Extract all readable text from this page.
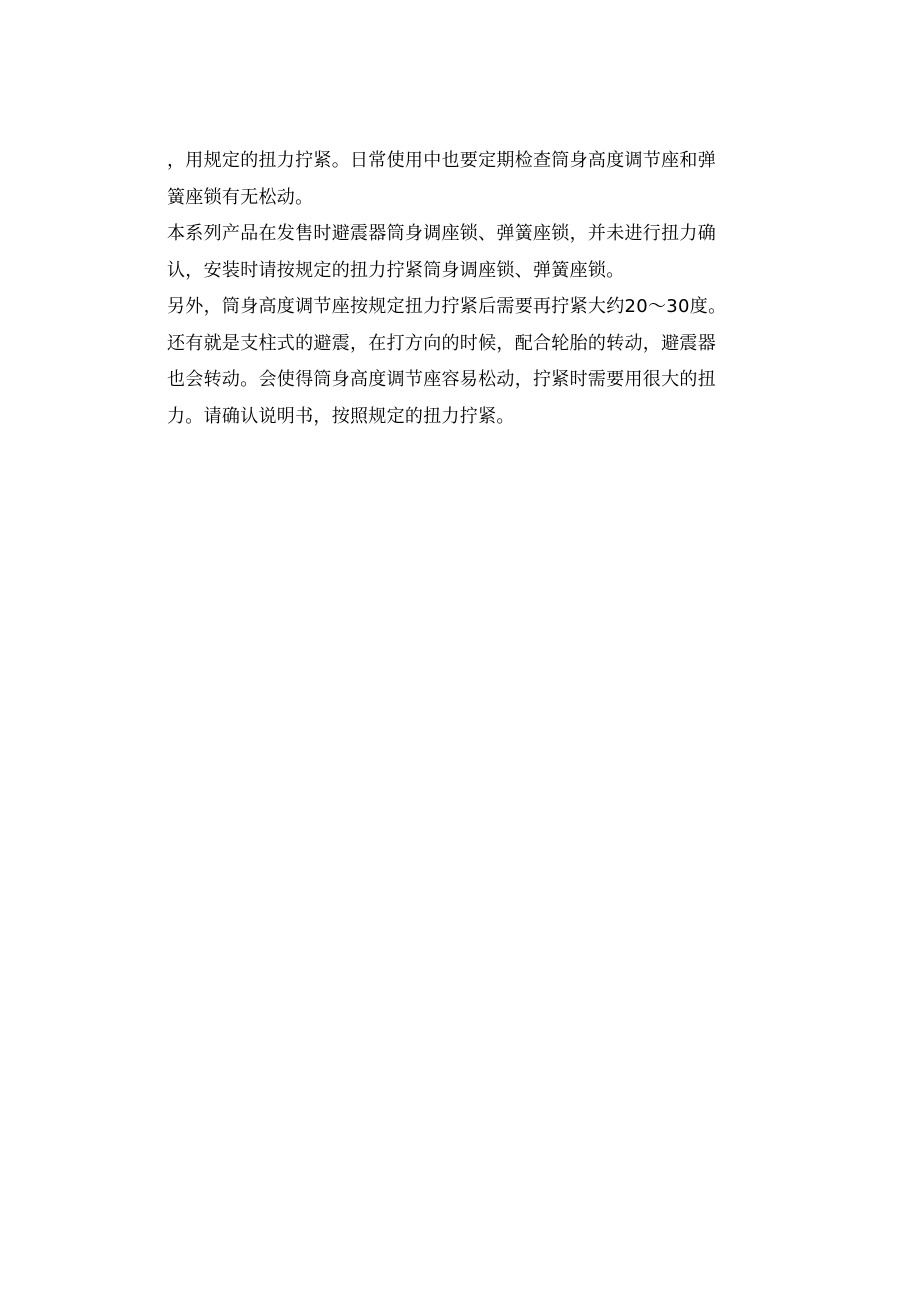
，用规定的扭力拧紧。日常使用中也要定期检查筒身高度调节座和弹
簧座锁有无松动。
本系列产品在发售时避震器筒身调座锁、弹簧座锁，并未进行扭力确
认，安装时请按规定的扭力拧紧筒身调座锁、弹簧座锁。
另外，筒身高度调节座按规定扭力拧紧后需要再拧紧大约20～30度。
还有就是支柱式的避震，在打方向的时候，配合轮胎的转动，避震器
也会转动。会使得筒身高度调节座容易松动，拧紧时需要用很大的扭
力。请确认说明书，按照规定的扭力拧紧。
